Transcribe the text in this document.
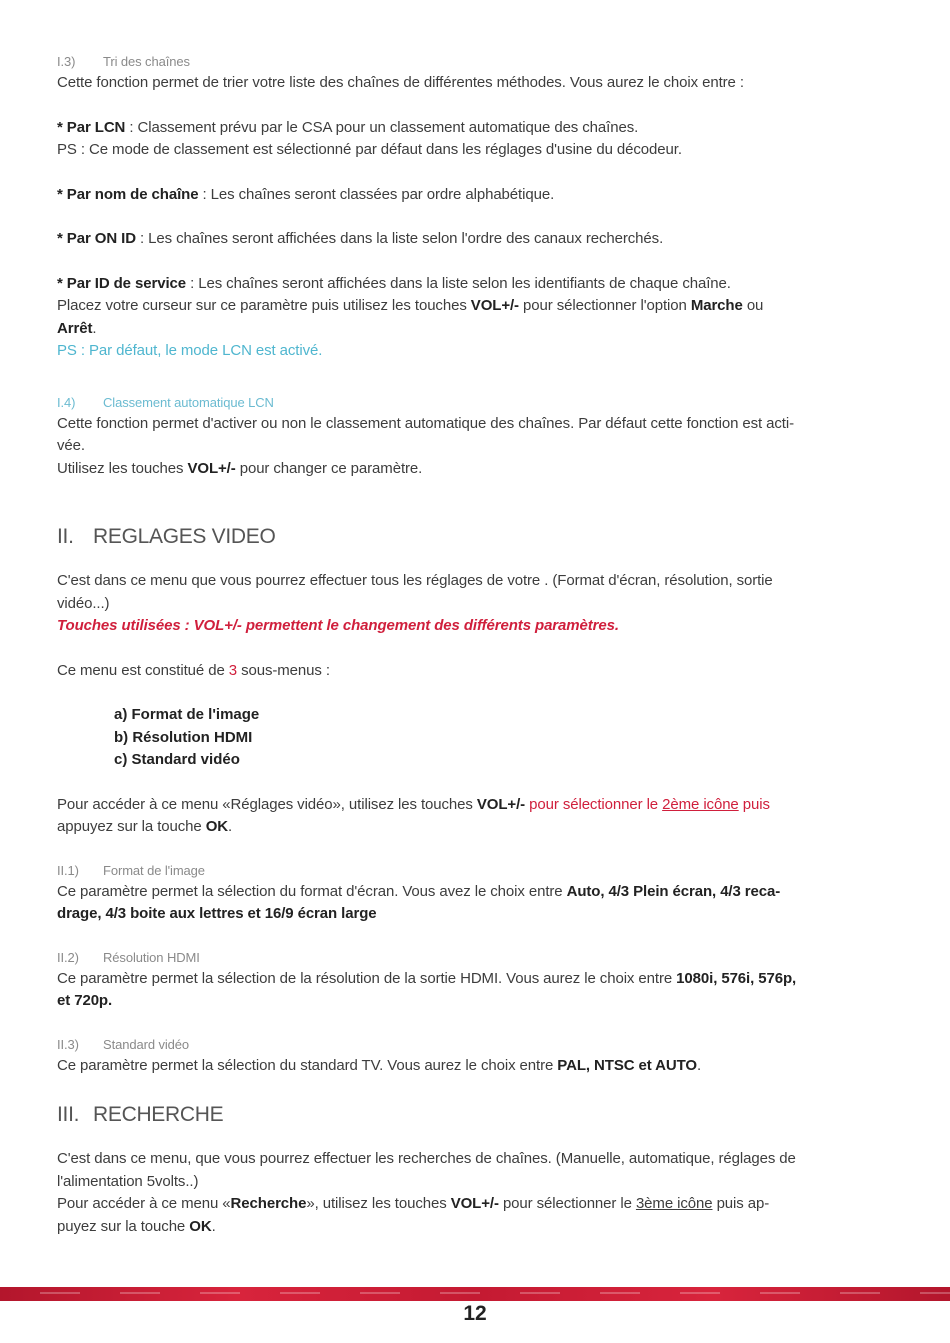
I.3) Tri des chaînes

Cette fonction permet de trier votre liste des chaînes de différentes méthodes. Vous aurez le choix entre :

* Par LCN : Classement prévu par le CSA pour un classement automatique des chaînes.

PS : Ce mode de classement est sélectionné par défaut dans les réglages d'usine du décodeur.

* Par nom de chaîne : Les chaînes seront classées par ordre alphabétique.

* Par ON ID : Les chaînes seront affichées dans la liste selon l'ordre des canaux recherchés.

* Par ID de service : Les chaînes seront affichées dans la liste selon les identifiants de chaque chaîne.

Placez votre curseur sur ce paramètre puis utilisez les touches VOL+/- pour sélectionner l'option Marche ou
Arrêt.

PS : Par défaut, le mode LCN est activé.

I.4) Classement automatique LCN

Cette fonction permet d'activer ou non le classement automatique des chaînes. Par défaut cette fonction est acti-
vée.

Utilisez les touches VOL+/- pour changer ce paramètre.

II. REGLAGES VIDEO

C'est dans ce menu que vous pourrez effectuer tous les réglages de votre . (Format d'écran, résolution, sortie
vidéo...)

Touches utilisées : VOL+/- permettent le changement des différents paramètres.

Ce menu est constitué de 3 sous-menus :

a) Format de l'image
b) Résolution HDMI
c) Standard vidéo

Pour accéder à ce menu «Réglages vidéo», utilisez les touches VOL+/- pour sélectionner le 2ème icône puis
appuyez sur la touche OK.

II.1) Format de l'image

Ce paramètre permet la sélection du format d'écran. Vous avez le choix entre Auto, 4/3 Plein écran, 4/3 reca-
drage, 4/3 boite aux lettres et 16/9 écran large

II.2) Résolution HDMI

Ce paramètre permet la sélection de la résolution de la sortie HDMI. Vous aurez le choix entre 1080i, 576i, 576p,
et 720p.

II.3) Standard vidéo

Ce paramètre permet la sélection du standard TV. Vous aurez le choix entre PAL, NTSC et AUTO.

III. RECHERCHE

C'est dans ce menu, que vous pourrez effectuer les recherches de chaînes. (Manuelle, automatique, réglages de
l'alimentation 5volts..)

Pour accéder à ce menu «Recherche», utilisez les touches VOL+/- pour sélectionner le 3ème icône puis ap-
puyez sur la touche OK.

12
